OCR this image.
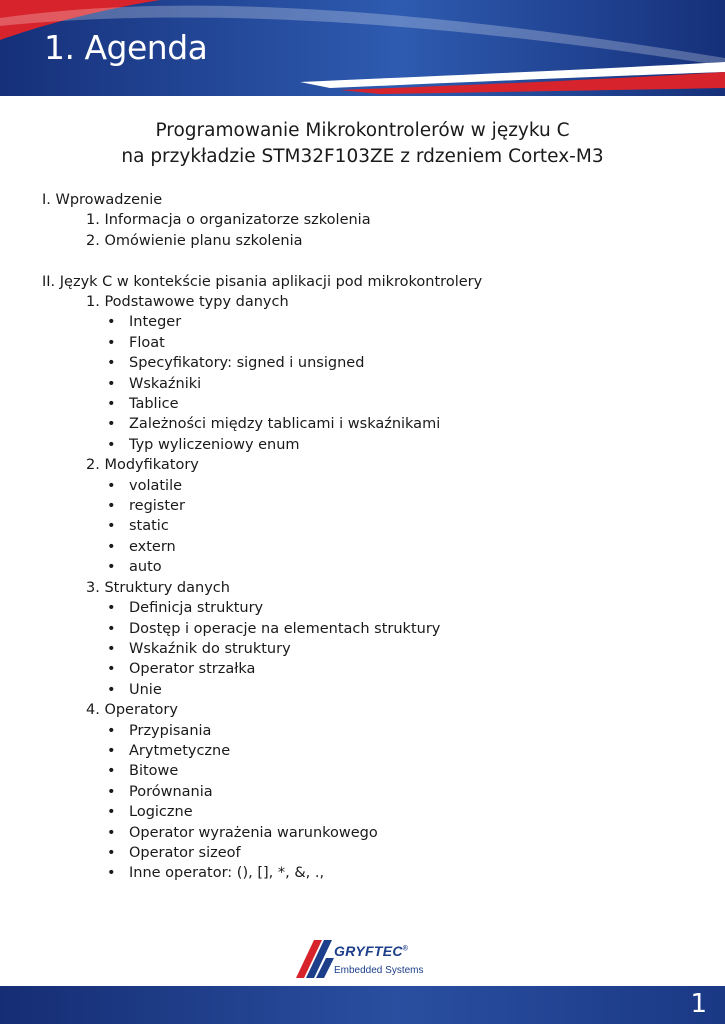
1. Agenda
Programowanie Mikrokontrolerów w języku C
na przykładzie STM32F103ZE z rdzeniem Cortex-M3
I. Wprowadzenie
1. Informacja o organizatorze szkolenia
2. Omówienie planu szkolenia
II. Język C w kontekście pisania aplikacji pod mikrokontrolery
1. Podstawowe typy danych
• Integer
• Float
• Specyfikatory: signed i unsigned
• Wskaźniki
• Tablice
• Zależności między tablicami i wskaźnikami
• Typ wyliczeniowy enum
2. Modyfikatory
• volatile
• register
• static
• extern
• auto
3. Struktury danych
• Definicja struktury
• Dostęp i operacje na elementach struktury
• Wskaźnik do struktury
• Operator strzałka
• Unie
4. Operatory
• Przypisania
• Arytmetyczne
• Bitowe
• Porównania
• Logiczne
• Operator wyrażenia warunkowego
• Operator sizeof
• Inne operator: (), [], *, &, .,
GRYFTEC®
Embedded Systems
1
